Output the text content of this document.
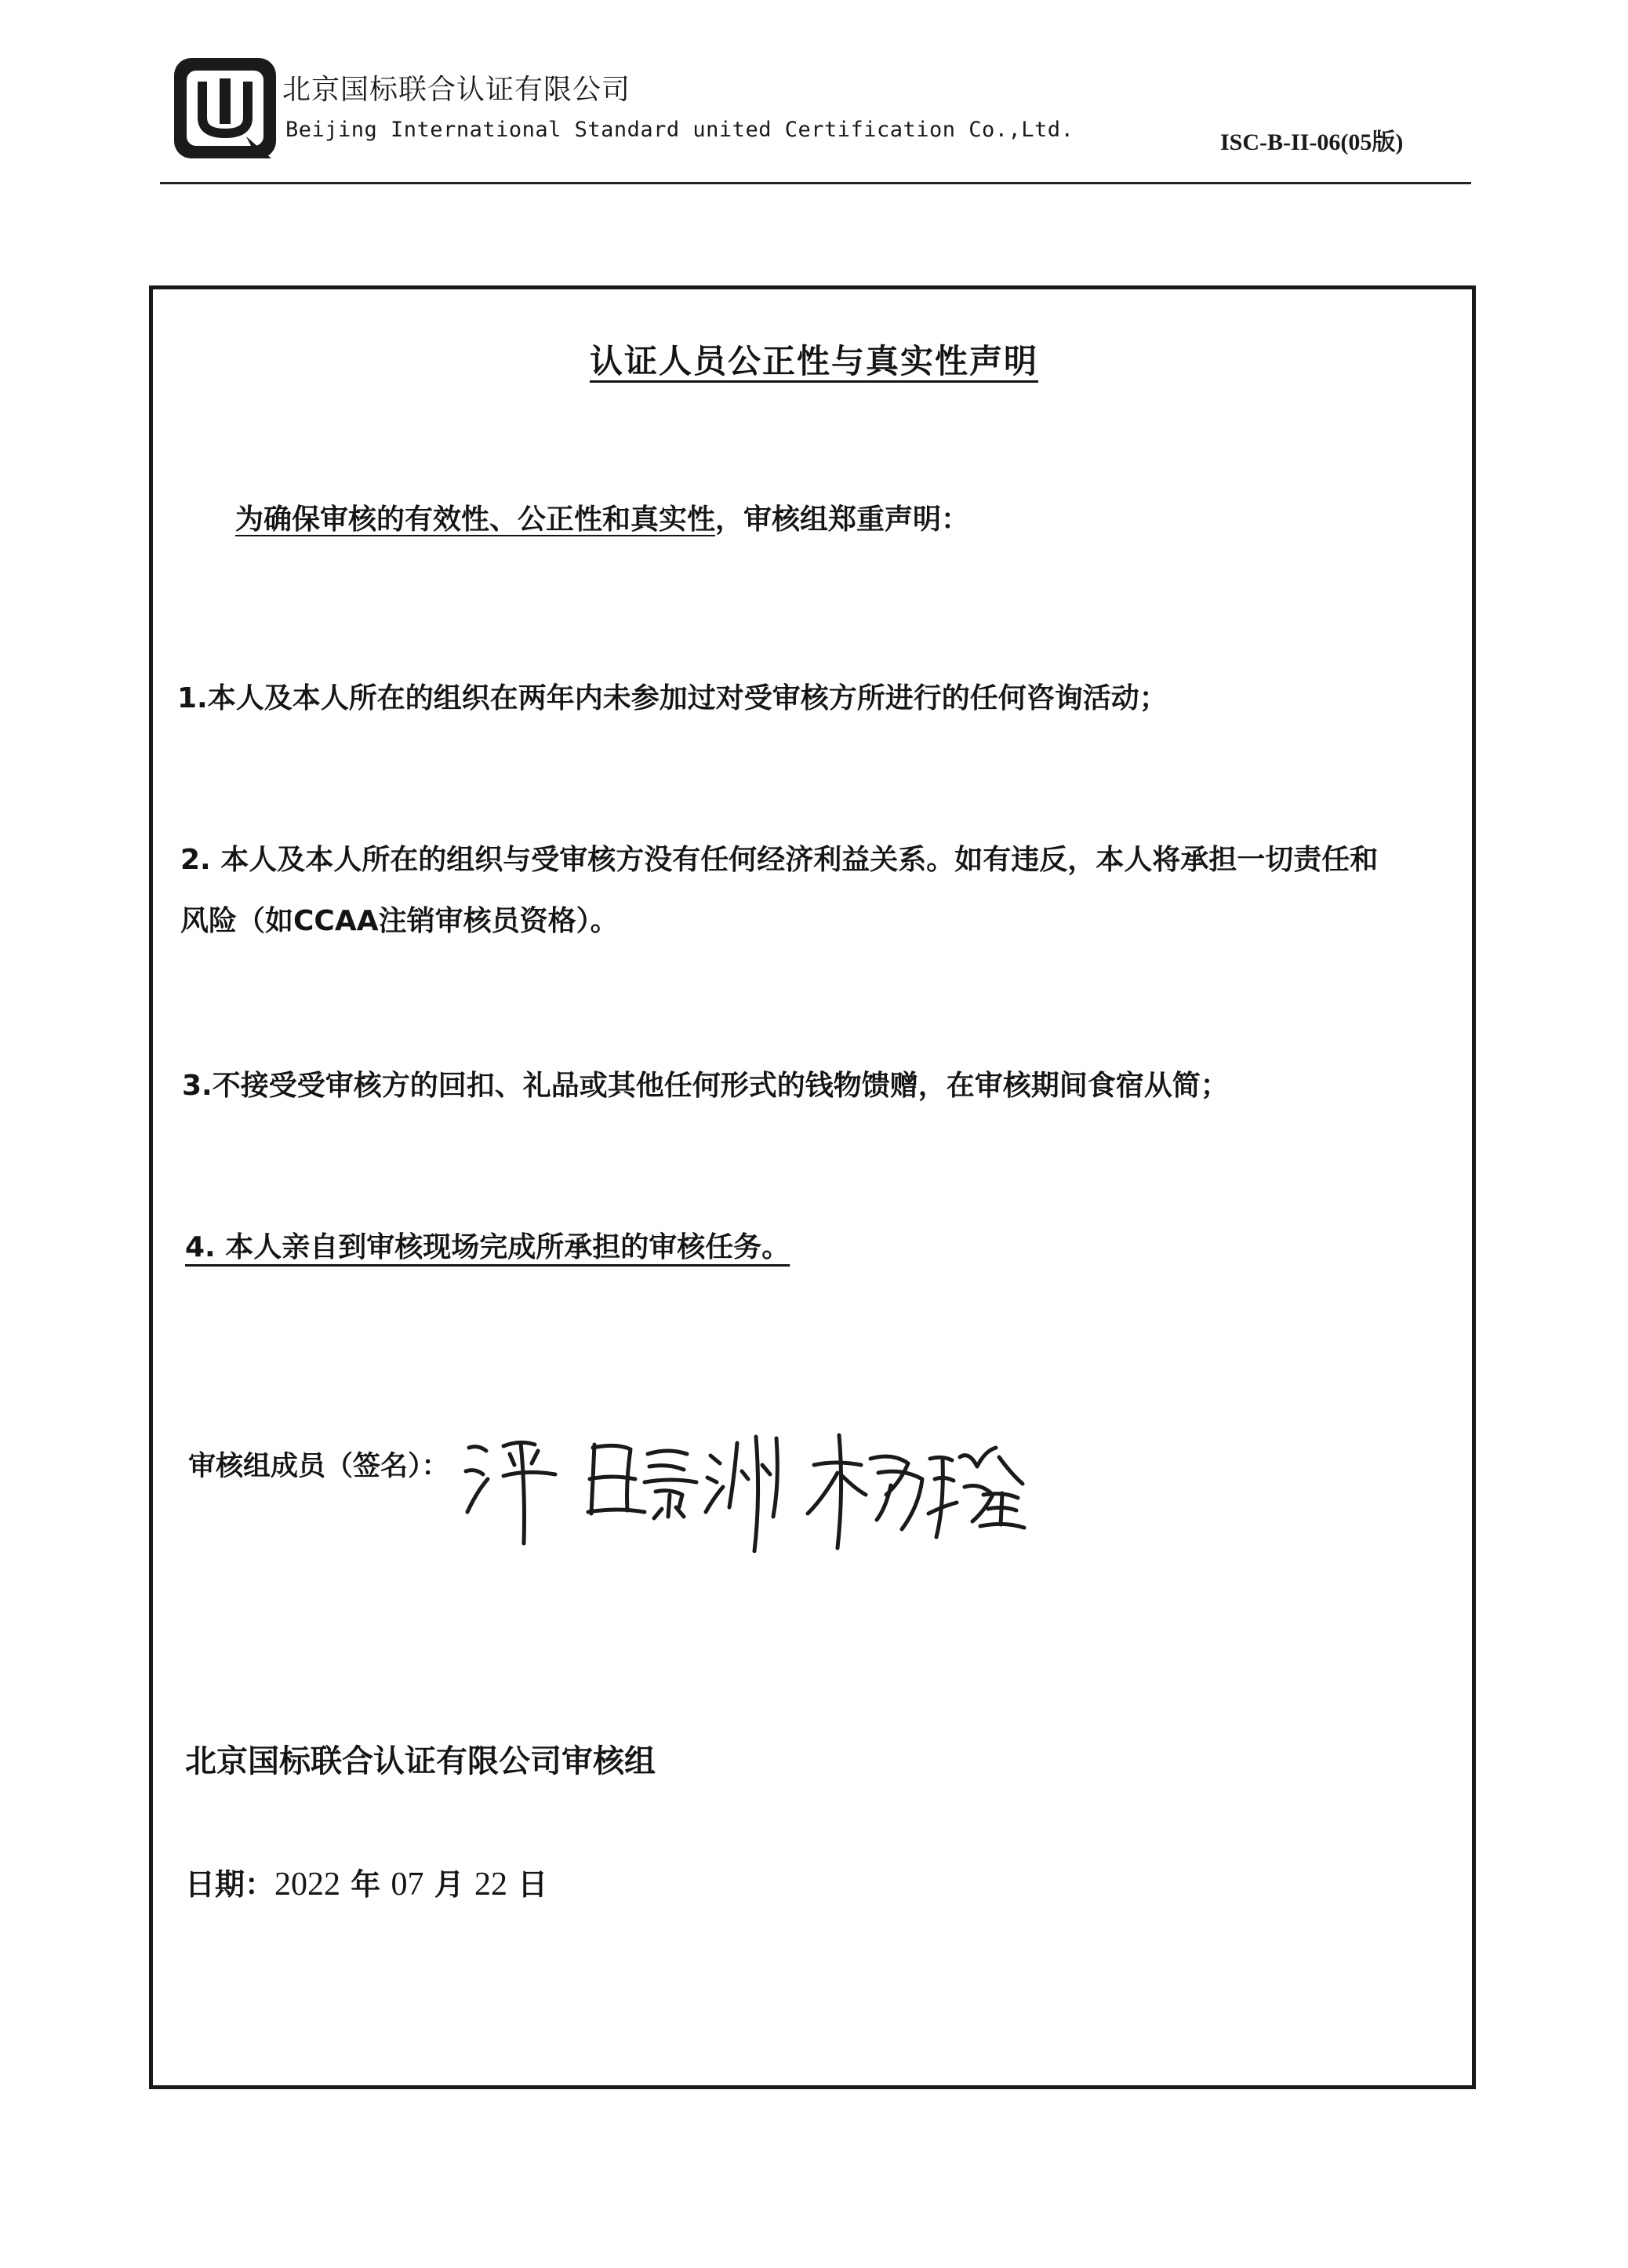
北京国标联合认证有限公司
Beijing International Standard united Certification Co.,Ltd.	ISC-B-II-06(05版)
认证人员公正性与真实性声明
为确保审核的有效性、公正性和真实性，审核组郑重声明：
1.本人及本人所在的组织在两年内未参加过对受审核方所进行的任何咨询活动；
2. 本人及本人所在的组织与受审核方没有任何经济利益关系。如有违反，本人将承担一切责任和
风险（如CCAA注销审核员资格）。
3.不接受受审核方的回扣、礼品或其他任何形式的钱物馈赠，在审核期间食宿从简；
4. 本人亲自到审核现场完成所承担的审核任务。
审核组成员（签名）：
北京国标联合认证有限公司审核组
日期：2022 年 07 月 22 日
